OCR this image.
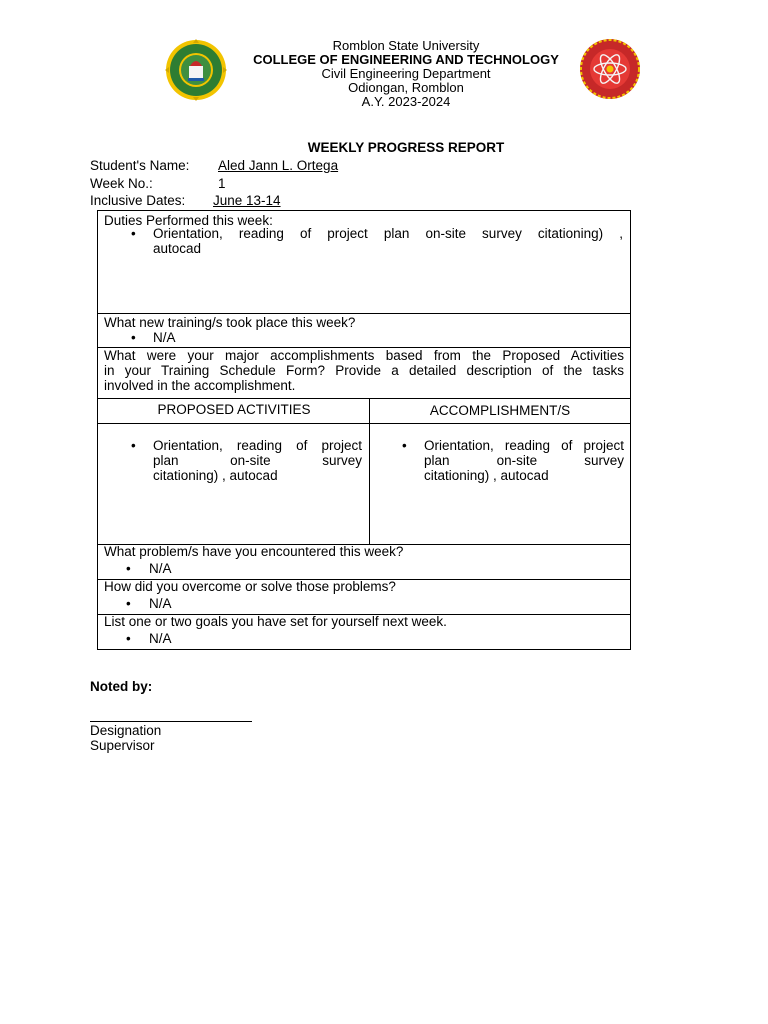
Romblon State University
COLLEGE OF ENGINEERING AND TECHNOLOGY
Civil Engineering Department
Odiongan, Romblon
A.Y. 2023-2024
WEEKLY PROGRESS REPORT
Student's Name: Aled Jann L. Ortega
Week No.:	1
Inclusive Dates: June 13-14
Duties Performed this week:
• Orientation, reading of project plan on-site survey citationing) ,
autocad
What new training/s took place this week?
• N/A
What were your major accomplishments based from the Proposed Activities
in your Training Schedule Form? Provide a detailed description of the tasks
involved in the accomplishment.
PROPOSED ACTIVITIES	ACCOMPLISHMENT/S
• Orientation, reading of project
plan on-site survey
citationing) , autocad
• Orientation, reading of project
plan on-site survey
citationing) , autocad
What problem/s have you encountered this week?
• N/A
How did you overcome or solve those problems?
• N/A
List one or two goals you have set for yourself next week.
• N/A
Noted by:
Designation
Supervisor
